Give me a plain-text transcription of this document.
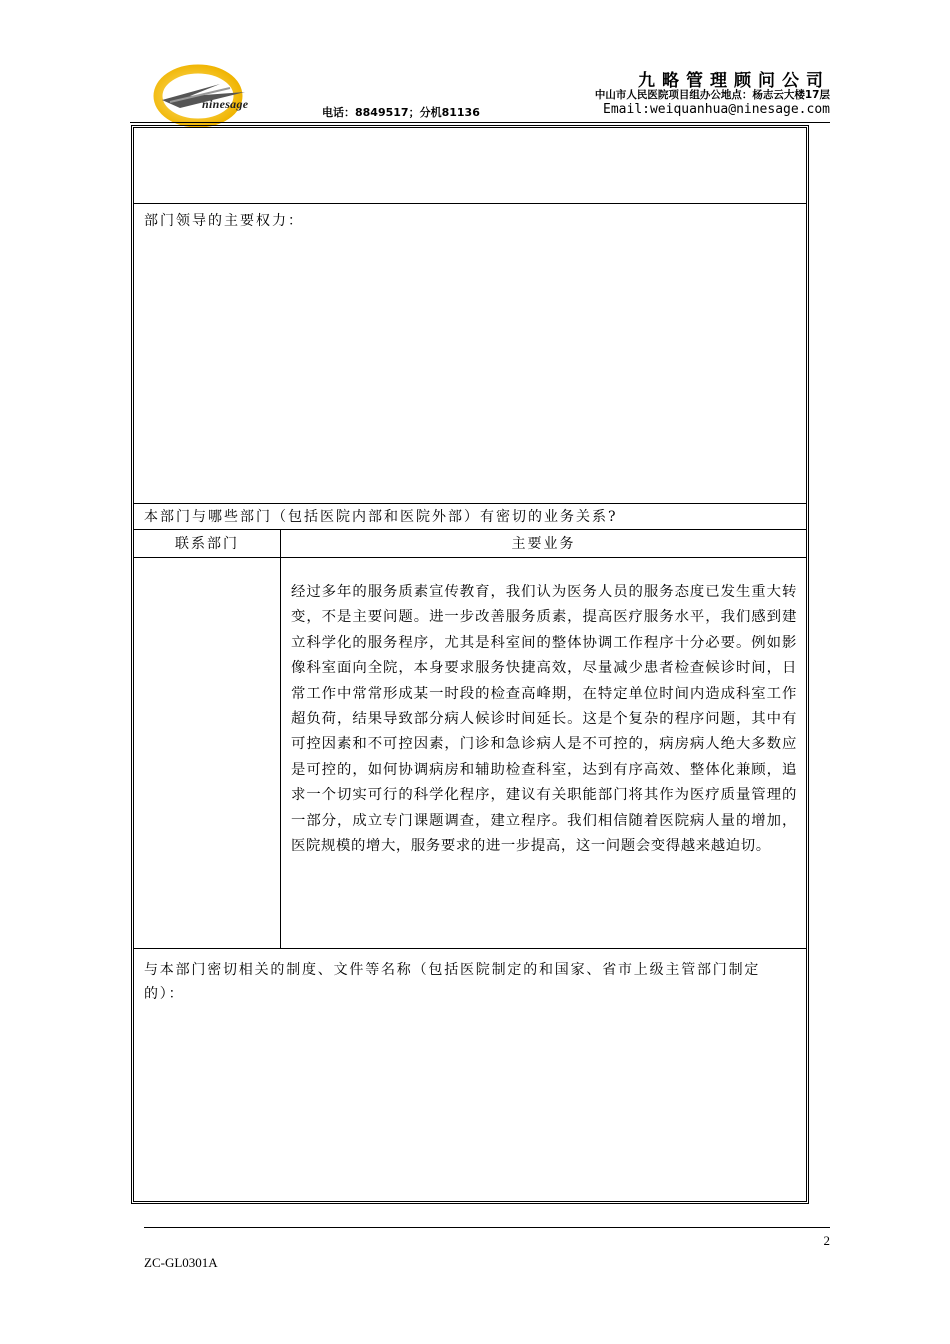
ninesage
九略管理顾问公司
中山市人民医院项目组办公地点：杨志云大楼17层
电话：8849517；分机81136	Email:weiquanhua@ninesage.com
部门领导的主要权力：
本部门与哪些部门（包括医院内部和医院外部）有密切的业务关系?
联系部门	主要业务
经过多年的服务质素宣传教育，我们认为医务人员的服务态度已发生重大转变，不是主要问题。进一步改善服务质素，提高医疗服务水平，我们感到建立科学化的服务程序，尤其是科室间的整体协调工作程序十分必要。例如影像科室面向全院，本身要求服务快捷高效，尽量减少患者检查候诊时间，日常工作中常常形成某一时段的检查高峰期，在特定单位时间内造成科室工作超负荷，结果导致部分病人候诊时间延长。这是个复杂的程序问题，其中有可控因素和不可控因素，门诊和急诊病人是不可控的，病房病人绝大多数应是可控的，如何协调病房和辅助检查科室，达到有序高效、整体化兼顾，追求一个切实可行的科学化程序，建议有关职能部门将其作为医疗质量管理的一部分，成立专门课题调查，建立程序。我们相信随着医院病人量的增加，医院规模的增大，服务要求的进一步提高，这一问题会变得越来越迫切。
与本部门密切相关的制度、文件等名称（包括医院制定的和国家、省市上级主管部门制定的）：
2
ZC-GL0301A
